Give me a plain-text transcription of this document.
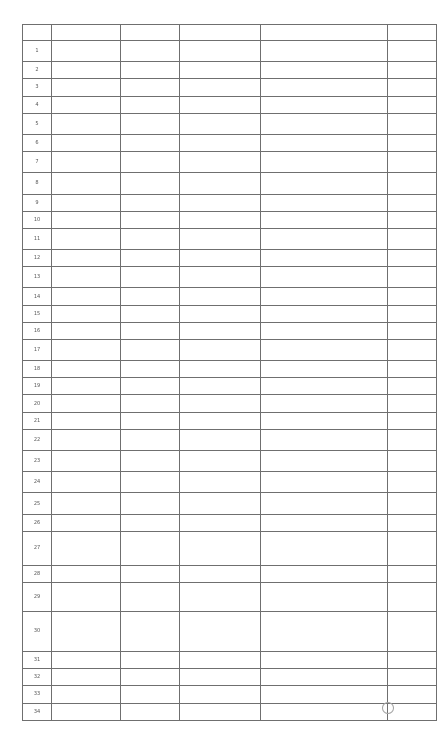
1					
2					
3					
4					
5					
6					
7					
8					
9					
10					
11					
12					
13					
14					
15					
16					
17					
18					
19					
20					
21					
22					
23					
24					
25					
26					
27					
28					
29					
30					
31					
32					
33					
34					
